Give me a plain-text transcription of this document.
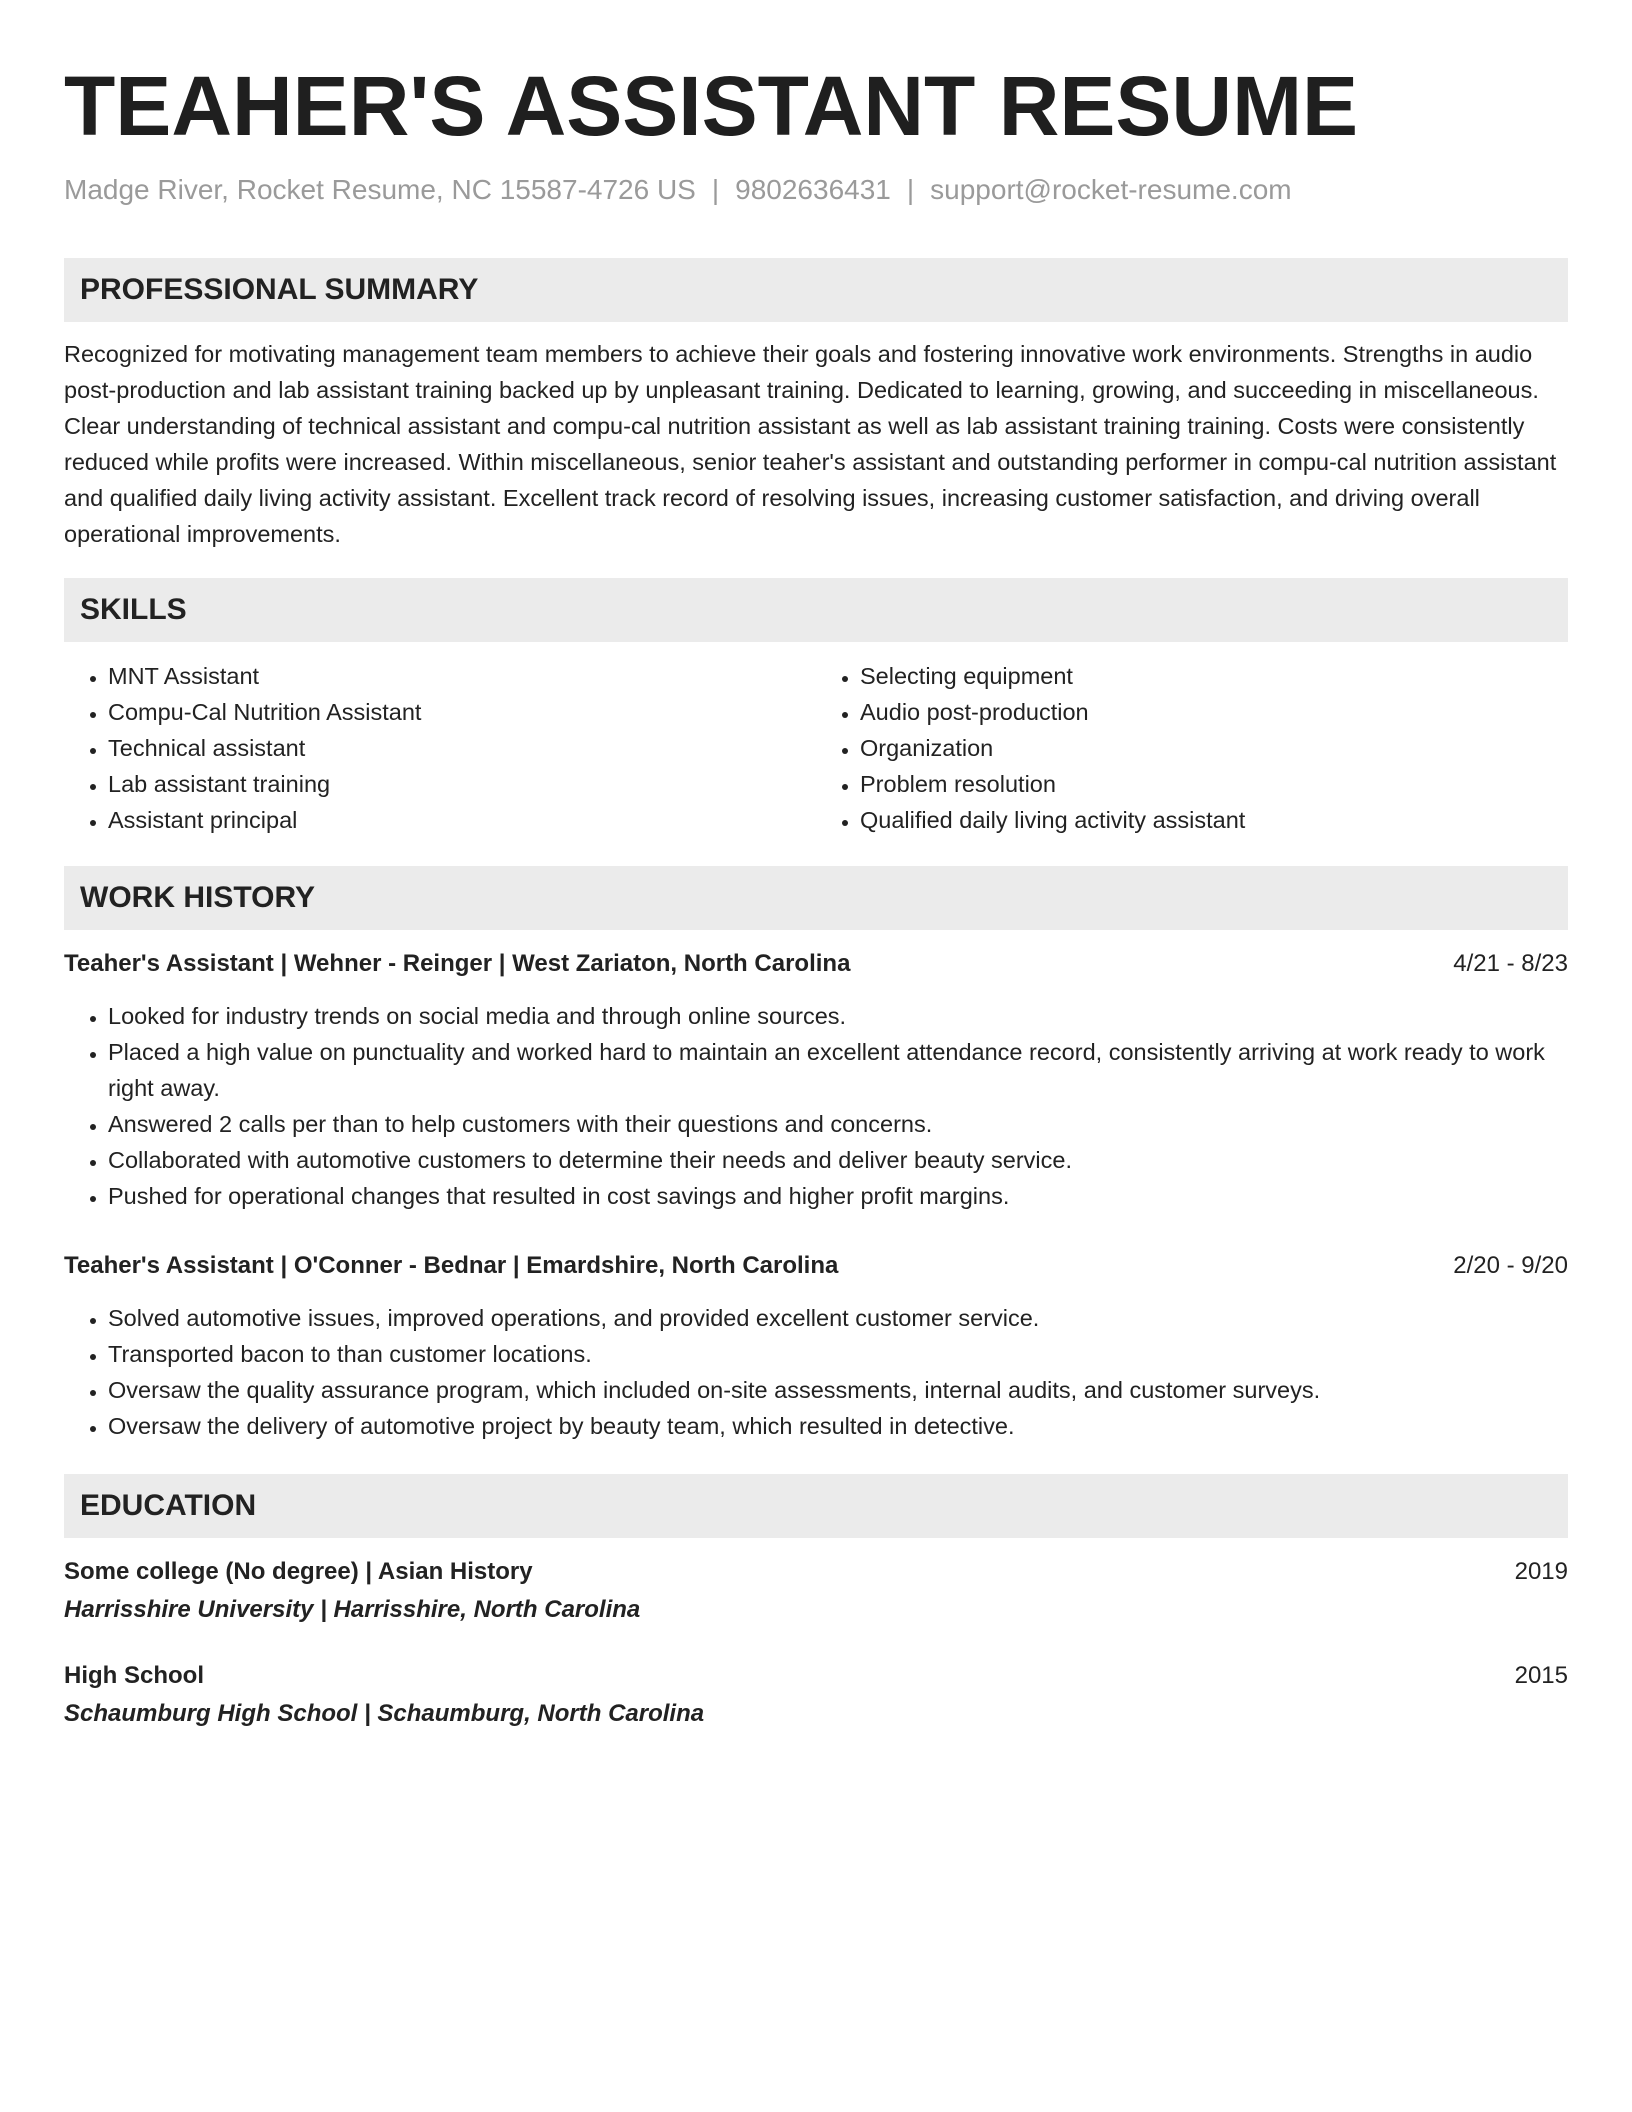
TEAHER'S ASSISTANT RESUME
Madge River, Rocket Resume, NC 15587-4726 US | 9802636431 | support@rocket-resume.com
PROFESSIONAL SUMMARY
Recognized for motivating management team members to achieve their goals and fostering innovative work environments. Strengths in audio post-production and lab assistant training backed up by unpleasant training. Dedicated to learning, growing, and succeeding in miscellaneous. Clear understanding of technical assistant and compu-cal nutrition assistant as well as lab assistant training training. Costs were consistently reduced while profits were increased. Within miscellaneous, senior teaher's assistant and outstanding performer in compu-cal nutrition assistant and qualified daily living activity assistant. Excellent track record of resolving issues, increasing customer satisfaction, and driving overall operational improvements.
SKILLS
• MNT Assistant
• Compu-Cal Nutrition Assistant
• Technical assistant
• Lab assistant training
• Assistant principal
• Selecting equipment
• Audio post-production
• Organization
• Problem resolution
• Qualified daily living activity assistant
WORK HISTORY
Teaher's Assistant | Wehner - Reinger | West Zariaton, North Carolina	4/21 - 8/23
• Looked for industry trends on social media and through online sources.
• Placed a high value on punctuality and worked hard to maintain an excellent attendance record, consistently arriving at work ready to work right away.
• Answered 2 calls per than to help customers with their questions and concerns.
• Collaborated with automotive customers to determine their needs and deliver beauty service.
• Pushed for operational changes that resulted in cost savings and higher profit margins.
Teaher's Assistant | O'Conner - Bednar | Emardshire, North Carolina	2/20 - 9/20
• Solved automotive issues, improved operations, and provided excellent customer service.
• Transported bacon to than customer locations.
• Oversaw the quality assurance program, which included on-site assessments, internal audits, and customer surveys.
• Oversaw the delivery of automotive project by beauty team, which resulted in detective.
EDUCATION
Some college (No degree) | Asian History	2019
Harrisshire University | Harrisshire, North Carolina
High School	2015
Schaumburg High School | Schaumburg, North Carolina
